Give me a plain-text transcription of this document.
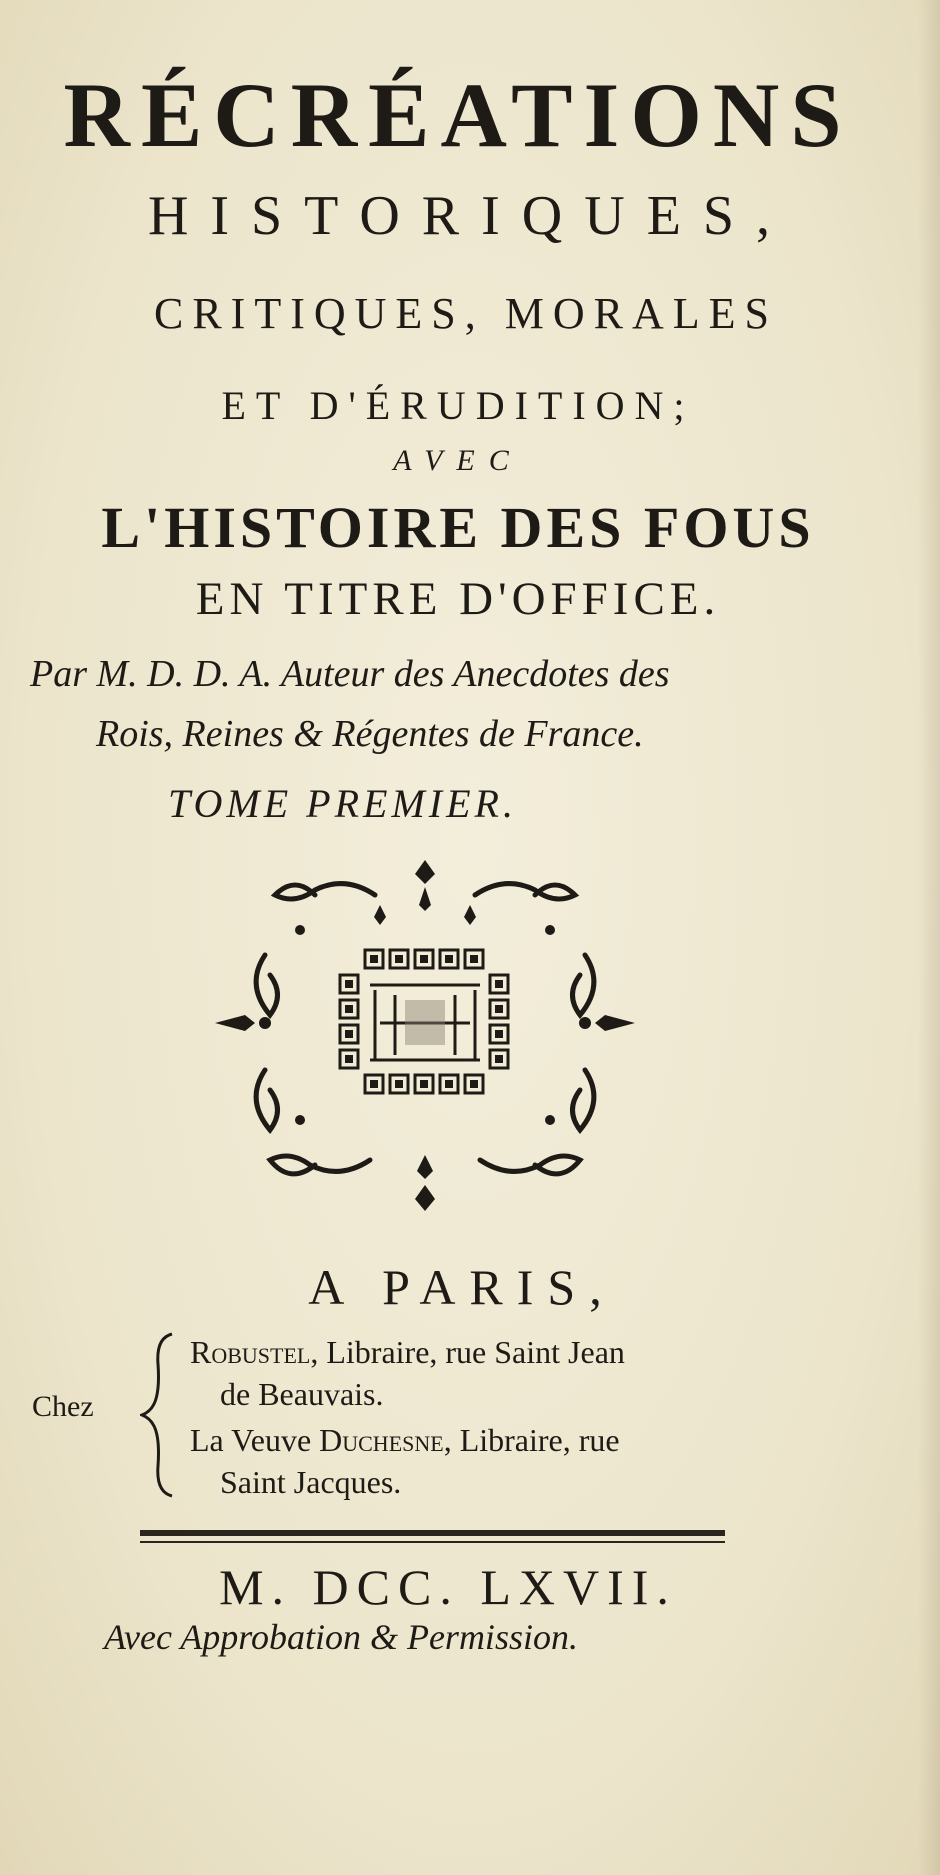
RÉCRÉATIONS
HISTORIQUES,
CRITIQUES, MORALES
ET D'ÉRUDITION;
AVEC
L'HISTOIRE DES FOUS
EN TITRE D'OFFICE.
Par M. D. D. A. Auteur des Anecdotes des
Rois, Reines & Régentes de France.
TOME PREMIER.
A PARIS,
Chez
Robustel, Libraire, rue Saint Jean
de Beauvais.
La Veuve Duchesne, Libraire, rue
Saint Jacques.
M. DCC. LXVII.
Avec Approbation & Permission.
